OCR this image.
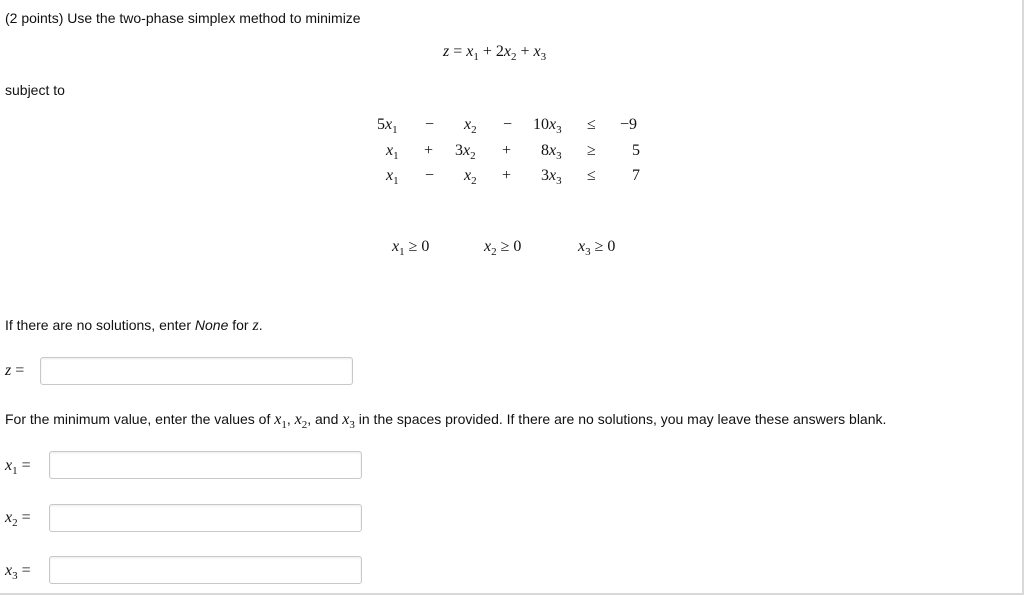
(2 points) Use the two-phase simplex method to minimize
$z = x_1 + 2x_2 + x_3$
subject to
$5x_1 - x_2 - 10x_3 \le -9$
$x_1 + 3x_2 + 8x_3 \ge 5$
$x_1 - x_2 + 3x_3 \le 7$
$x_1 \ge 0$	$x_2 \ge 0$	$x_3 \ge 0$
If there are no solutions, enter None for z.
z =
For the minimum value, enter the values of $x_1$, $x_2$, and $x_3$ in the spaces provided. If there are no solutions, you may leave these answers blank.
$x_1$ =
$x_2$ =
$x_3$ =
